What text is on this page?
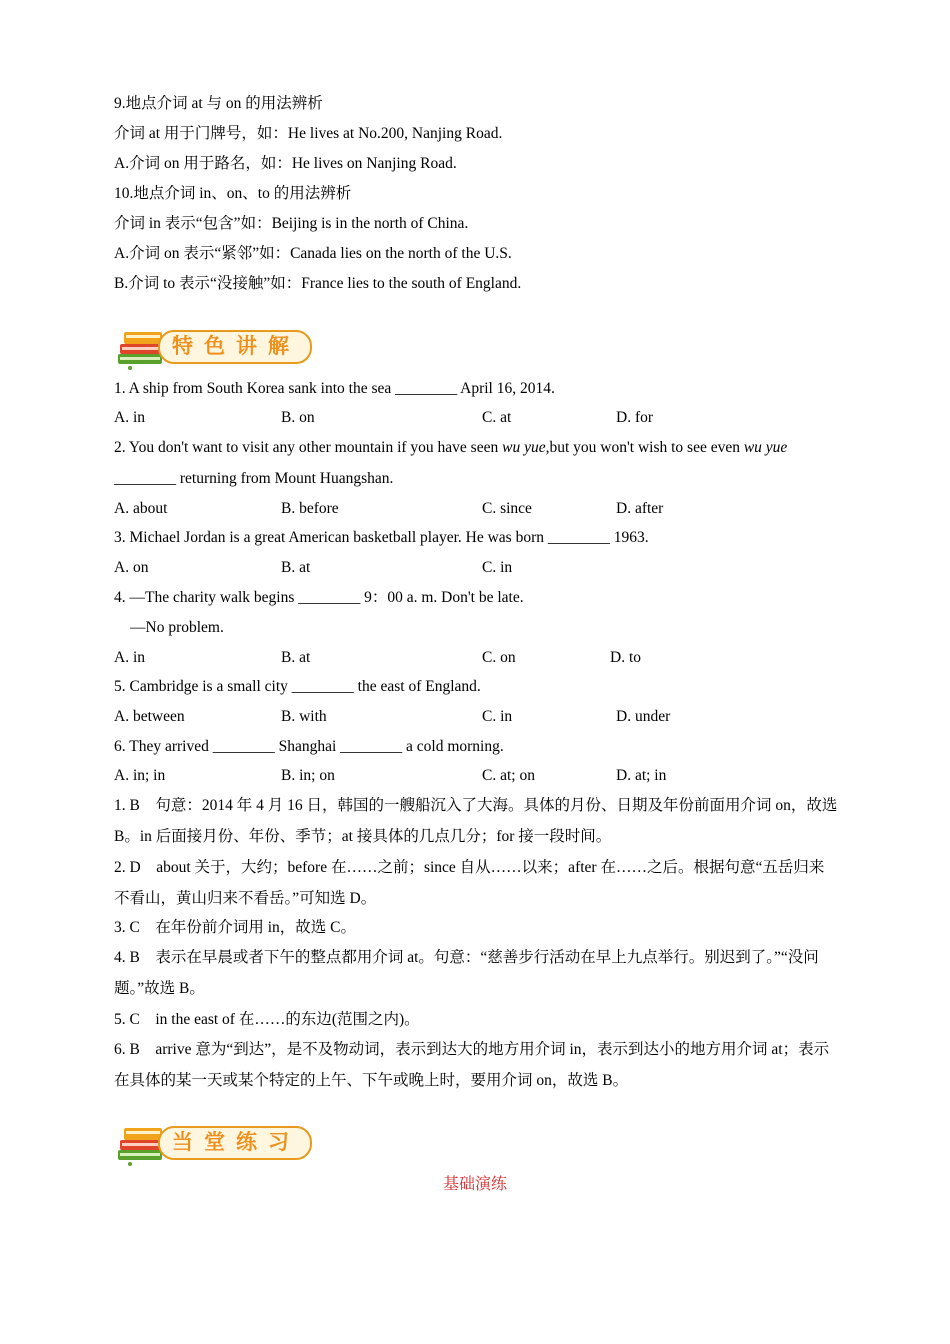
9.地点介词 at 与 on 的用法辨析
介词 at 用于门牌号，如：He lives at No.200, Nanjing Road.
A.介词 on 用于路名，如：He lives on Nanjing Road.
10.地点介词 in、on、to 的用法辨析
介词 in 表示“包含”如：Beijing is in the north of China.
A.介词 on 表示“紧邻”如：Canada lies on the north of the U.S.
B.介词 to 表示“没接触”如：France lies to the south of England.
特色讲解
1. A ship from South Korea sank into the sea ________ April 16, 2014.
A. in	B. on	C. at	D. for
2. You don't want to visit any other mountain if you have seen wu yue,but you won't wish to see even wu yue ________ returning from Mount Huangshan.
A. about	B. before	C. since	D. after
3. Michael Jordan is a great American basketball player. He was born ________ 1963.
A. on	B. at	C. in
4. —The charity walk begins ________ 9：00 a. m. Don't be late.
—No problem.
A. in	B. at	C. on	D. to
5. Cambridge is a small city ________ the east of England.
A. between	B. with	C. in	D. under
6. They arrived ________ Shanghai ________ a cold morning.
A. in; in	B. in; on	C. at; on	D. at; in
1. B　句意：2014 年 4 月 16 日，韩国的一艘船沉入了大海。具体的月份、日期及年份前面用介词 on，故选 B。in 后面接月份、年份、季节；at 接具体的几点几分；for 接一段时间。
2. D　about 关于，大约；before 在……之前；since 自从……以来；after 在……之后。根据句意“五岳归来不看山，黄山归来不看岳。”可知选 D。
3. C　在年份前介词用 in，故选 C。
4. B　表示在早晨或者下午的整点都用介词 at。句意：“慈善步行活动在早上九点举行。别迟到了。”“没问题。”故选 B。
5. C　in the east of 在……的东边(范围之内)。
6. B　arrive 意为“到达”，是不及物动词，表示到达大的地方用介词 in，表示到达小的地方用介词 at；表示在具体的某一天或某个特定的上午、下午或晚上时，要用介词 on，故选 B。
当堂练习
基础演练
